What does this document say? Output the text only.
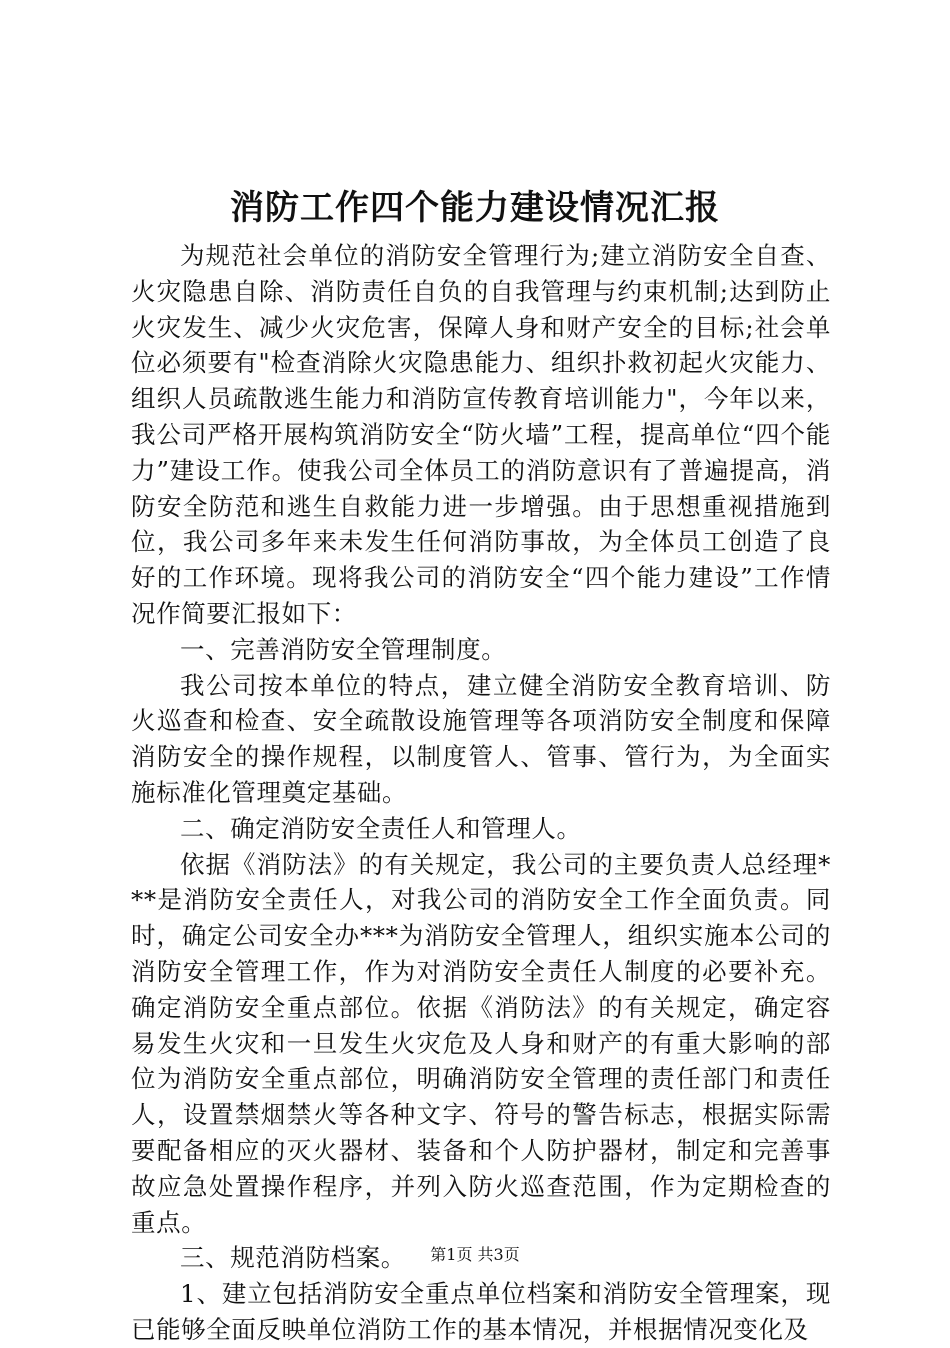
消防工作四个能力建设情况汇报

为规范社会单位的消防安全管理行为;建立消防安全自查、火灾隐患自除、消防责任自负的自我管理与约束机制;达到防止火灾发生、减少火灾危害，保障人身和财产安全的目标;社会单位必须要有"检查消除火灾隐患能力、组织扑救初起火灾能力、组织人员疏散逃生能力和消防宣传教育培训能力"，今年以来，我公司严格开展构筑消防安全“防火墙”工程，提高单位“四个能力”建设工作。使我公司全体员工的消防意识有了普遍提高，消防安全防范和逃生自救能力进一步增强。由于思想重视措施到位，我公司多年来未发生任何消防事故，为全体员工创造了良好的工作环境。现将我公司的消防安全“四个能力建设”工作情况作简要汇报如下：

一、完善消防安全管理制度。

我公司按本单位的特点，建立健全消防安全教育培训、防火巡查和检查、安全疏散设施管理等各项消防安全制度和保障消防安全的操作规程，以制度管人、管事、管行为，为全面实施标准化管理奠定基础。

二、确定消防安全责任人和管理人。

依据《消防法》的有关规定，我公司的主要负责人总经理***是消防安全责任人，对我公司的消防安全工作全面负责。同时，确定公司安全办***为消防安全管理人，组织实施本公司的消防安全管理工作，作为对消防安全责任人制度的必要补充。确定消防安全重点部位。依据《消防法》的有关规定，确定容易发生火灾和一旦发生火灾危及人身和财产的有重大影响的部位为消防安全重点部位，明确消防安全管理的责任部门和责任人，设置禁烟禁火等各种文字、符号的警告标志，根据实际需要配备相应的灭火器材、装备和个人防护器材，制定和完善事故应急处置操作程序，并列入防火巡查范围，作为定期检查的重点。

三、规范消防档案。

1、建立包括消防安全重点单位档案和消防安全管理案，现已能够全面反映单位消防工作的基本情况，并根据情况变化及

第1页 共3页
